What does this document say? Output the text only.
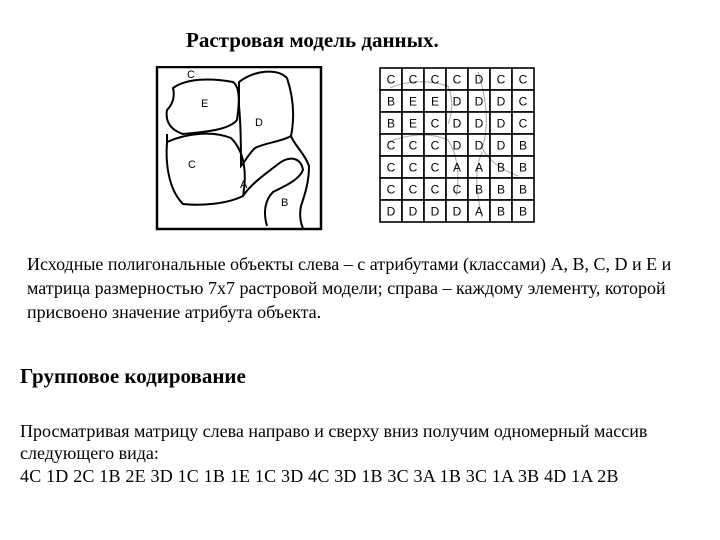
Растровая модель данных.
C
E
D
C
A
B
C C C C D C C
B E E D D D C
B E C D D D C
C C C D D D B
C C C A A B B
C C C C B B B
D D D D A B B
Исходные полигональные объекты слева – с атрибутами (классами) A, B, C, D и E и матрица размерностью 7х7 растровой модели; справа – каждому элементу, которой присвоено значение атрибута объекта.
Групповое кодирование
Просматривая матрицу слева направо и сверху вниз получим одномерный массив следующего вида:
4C 1D 2C 1B 2E 3D 1C 1B 1E 1C 3D 4C 3D 1B 3C 3A 1B 3C 1A 3B 4D 1A 2B
